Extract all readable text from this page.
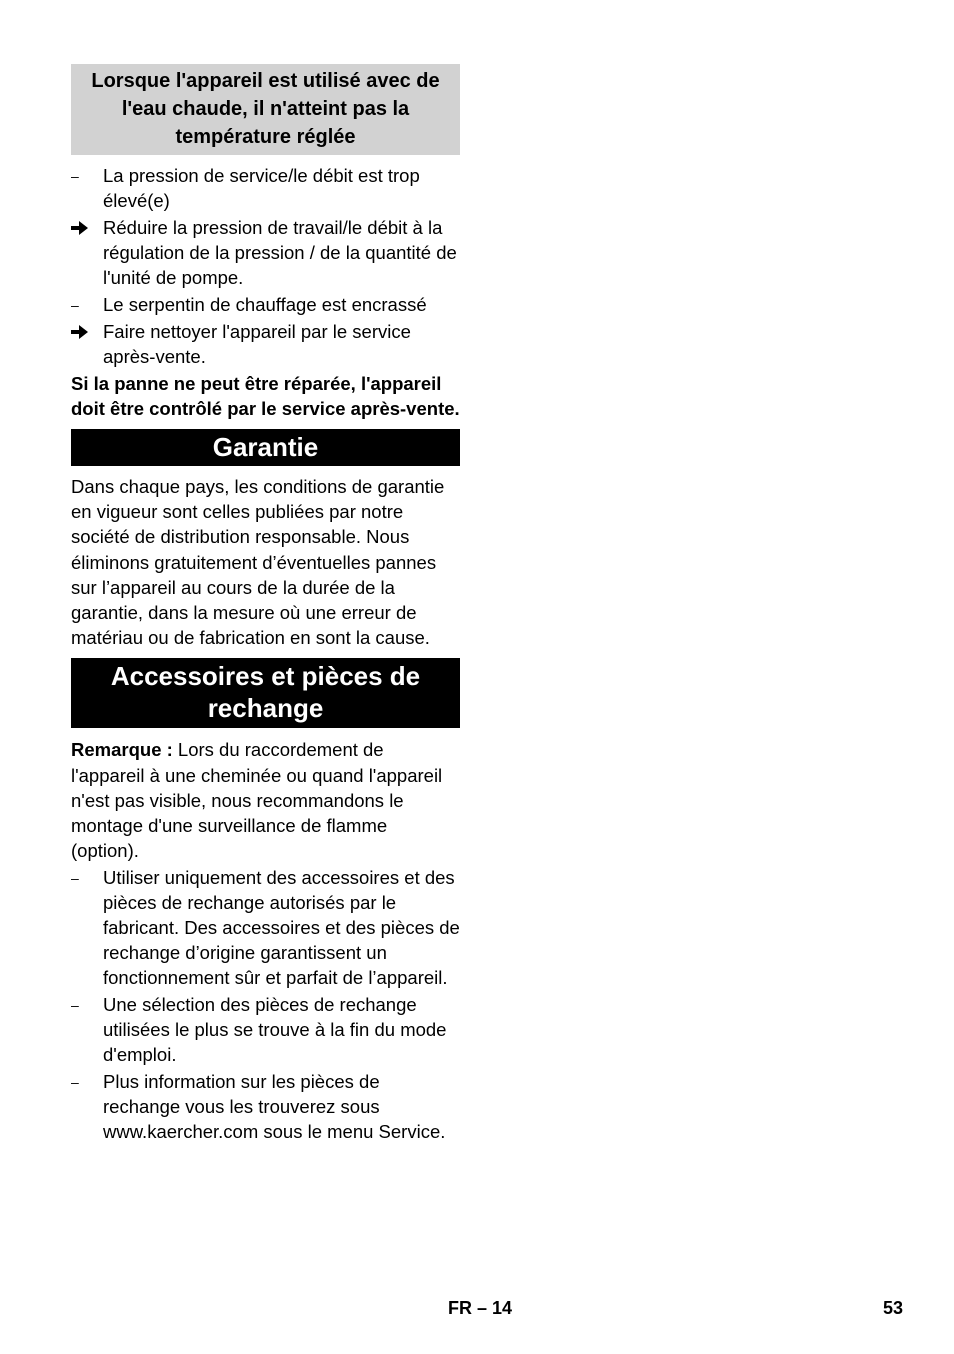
Lorsque l'appareil est utilisé avec de l'eau chaude, il n'atteint pas la température réglée
–	La pression de service/le débit est trop élevé(e)
Réduire la pression de travail/le débit à la régulation de la pression / de la quantité de l'unité de pompe.
–	Le serpentin de chauffage est encrassé
Faire nettoyer l'appareil par le service après-vente.
Si la panne ne peut être réparée, l'appareil doit être contrôlé par le service après-vente.
Garantie
Dans chaque pays, les conditions de garantie en vigueur sont celles publiées par notre société de distribution responsable. Nous éliminons gratuitement d’éventuelles pannes sur l’appareil au cours de la durée de la garantie, dans la mesure où une erreur de matériau ou de fabrication en sont la cause.
Accessoires et pièces de rechange
Remarque : Lors du raccordement de l'appareil à une cheminée ou quand l'appareil n'est pas visible, nous recommandons le montage d'une surveillance de flamme (option).
–	Utiliser uniquement des accessoires et des pièces de rechange autorisés par le fabricant. Des accessoires et des pièces de rechange d’origine garantissent un fonctionnement sûr et parfait de l’appareil.
–	Une sélection des pièces de rechange utilisées le plus se trouve à la fin du mode d'emploi.
–	Plus information sur les pièces de rechange vous les trouverez sous www.kaercher.com sous le menu Service.
FR – 14	53
